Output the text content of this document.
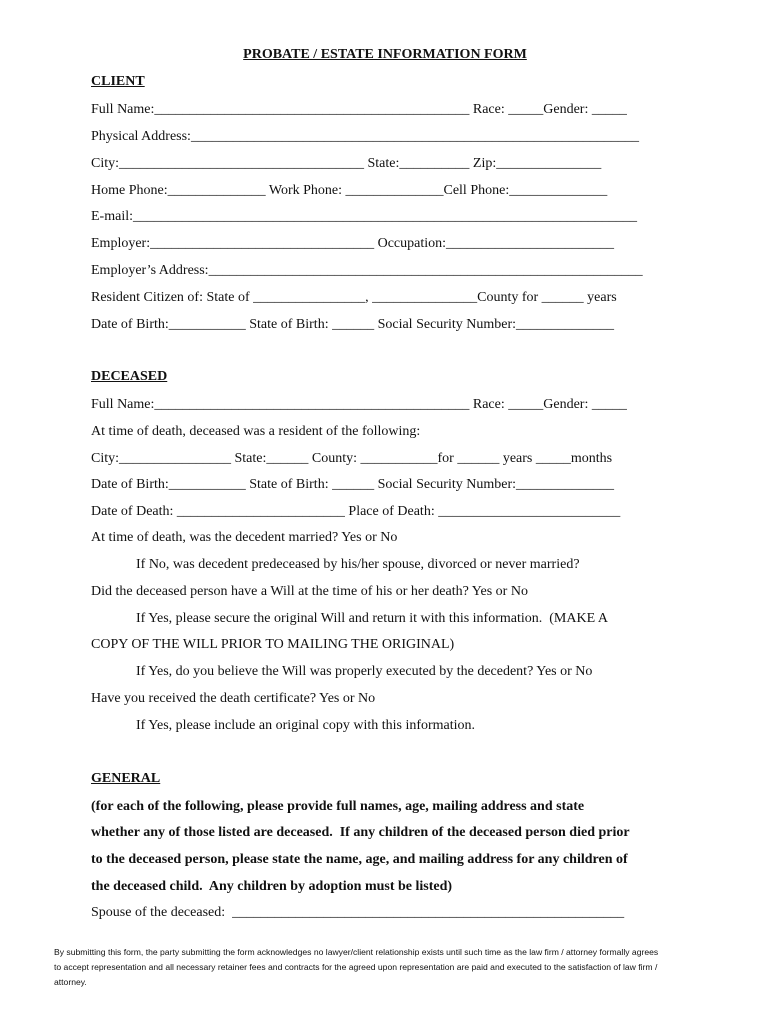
PROBATE / ESTATE INFORMATION FORM
CLIENT
Full Name:_____________________________________________ Race: _____Gender: _____
Physical Address:________________________________________________________________
City:___________________________________ State:__________ Zip:_______________
Home Phone:______________ Work Phone: ______________Cell Phone:______________
E-mail:________________________________________________________________________
Employer:________________________________ Occupation:________________________
Employer’s Address:______________________________________________________________
Resident Citizen of: State of ________________, _______________County for ______ years
Date of Birth:___________ State of Birth: ______ Social Security Number:______________
DECEASED
Full Name:_____________________________________________ Race: _____Gender: _____
At time of death, deceased was a resident of the following:
City:________________ State:______ County: ___________for ______ years _____months
Date of Birth:___________ State of Birth: ______ Social Security Number:______________
Date of Death: ________________________ Place of Death: __________________________
At time of death, was the decedent married? Yes or No
If No, was decedent predeceased by his/her spouse, divorced or never married?
Did the deceased person have a Will at the time of his or her death? Yes or No
If Yes, please secure the original Will and return it with this information.  (MAKE A
COPY OF THE WILL PRIOR TO MAILING THE ORIGINAL)
If Yes, do you believe the Will was properly executed by the decedent? Yes or No
Have you received the death certificate? Yes or No
If Yes, please include an original copy with this information.
GENERAL
(for each of the following, please provide full names, age, mailing address and state
whether any of those listed are deceased.  If any children of the deceased person died prior
to the deceased person, please state the name, age, and mailing address for any children of
the deceased child.  Any children by adoption must be listed)
Spouse of the deceased:  ________________________________________________________
By submitting this form, the party submitting the form acknowledges no lawyer/client relationship exists until such time as the law firm / attorney formally agrees
to accept representation and all necessary retainer fees and contracts for the agreed upon representation are paid and executed to the satisfaction of law firm /
attorney.
